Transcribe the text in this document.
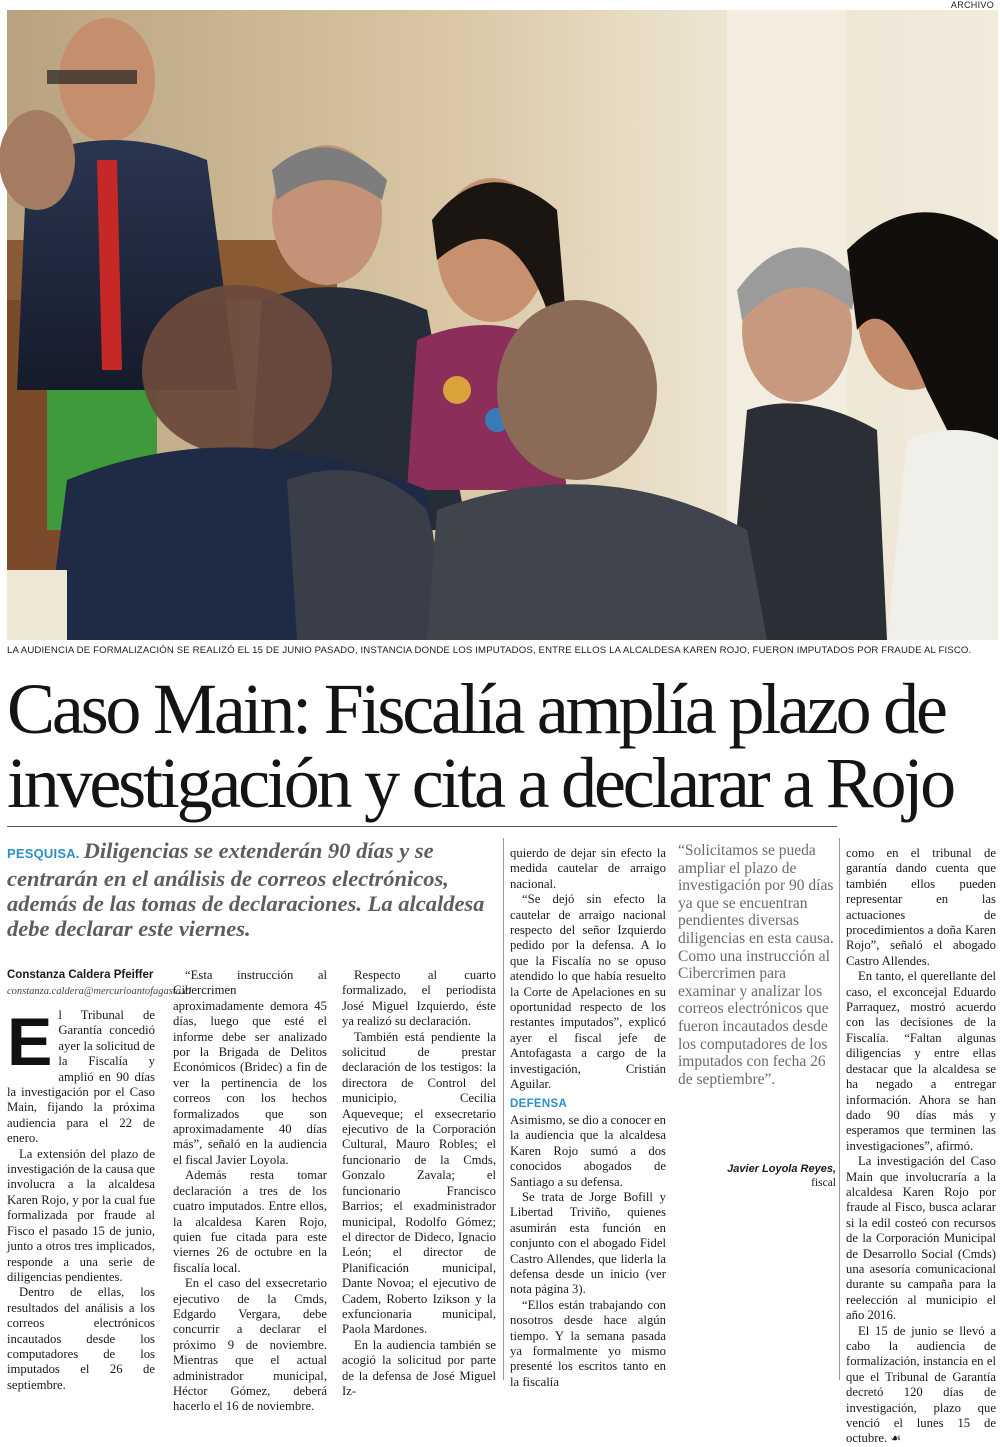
ARCHIVO
LA AUDIENCIA DE FORMALIZACIÓN SE REALIZÓ EL 15 DE JUNIO PASADO, INSTANCIA DONDE LOS IMPUTADOS, ENTRE ELLOS LA ALCALDESA KAREN ROJO, FUERON IMPUTADOS POR FRAUDE AL FISCO.
Caso Main: Fiscalía amplía plazo de
investigación y cita a declarar a Rojo
PESQUISA. Diligencias se extenderán 90 días y se centrarán en el análisis de correos electrónicos, además de las tomas de declaraciones. La alcaldesa debe declarar este viernes.
Constanza Caldera Pfeiffer
constanza.caldera@mercurioantofagasta.cl
E l Tribunal de Garantía concedió ayer la solicitud de la Fiscalía y amplió en 90 días la investigación por el Caso Main, fijando la próxima audiencia para el 22 de enero.

La extensión del plazo de investigación de la causa que involucra a la alcaldesa Karen Rojo, y por la cual fue formalizada por fraude al Fisco el pasado 15 de junio, junto a otros tres implicados, responde a una serie de diligencias pendientes.

Dentro de ellas, los resultados del análisis a los correos electrónicos incautados desde los computadores de los imputados el 26 de septiembre.

“Esta instrucción al Cibercrimen aproximadamente demora 45 días, luego que esté el informe debe ser analizado por la Brigada de Delitos Económicos (Bridec) a fin de ver la pertinencia de los correos con los hechos formalizados que son aproximadamente 40 días más”, señaló en la audiencia el fiscal Javier Loyola.

Además resta tomar declaración a tres de los cuatro imputados. Entre ellos, la alcaldesa Karen Rojo, quien fue citada para este viernes 26 de octubre en la fiscalía local.

En el caso del exsecretario ejecutivo de la Cmds, Edgardo Vergara, debe concurrir a declarar el próximo 9 de noviembre. Mientras que el actual administrador municipal, Héctor Gómez, deberá hacerlo el 16 de noviembre.

Respecto al cuarto formalizado, el periodista José Miguel Izquierdo, éste ya realizó su declaración.

También está pendiente la solicitud de prestar declaración de los testigos: la directora de Control del municipio, Cecilia Aqueveque; el exsecretario ejecutivo de la Corporación Cultural, Mauro Robles; el funcionario de la Cmds, Gonzalo Zavala; el funcionario Francisco Barrios; el exadministrador municipal, Rodolfo Gómez; el director de Dideco, Ignacio León; el director de Planificación municipal, Dante Novoa; el ejecutivo de Cadem, Roberto Izikson y la exfuncionaria municipal, Paola Mardones.

En la audiencia también se acogió la solicitud por parte de la defensa de José Miguel Iz-

quierdo de dejar sin efecto la medida cautelar de arraigo nacional.

“Se dejó sin efecto la cautelar de arraigo nacional respecto del señor Izquierdo pedido por la defensa. A lo que la Fiscalía no se opuso atendido lo que había resuelto la Corte de Apelaciones en su oportunidad respecto de los restantes imputados”, explicó ayer el fiscal jefe de Antofagasta a cargo de la investigación, Cristián Aguilar.

DEFENSA

Asimismo, se dio a conocer en la audiencia que la alcaldesa Karen Rojo sumó a dos conocidos abogados de Santiago a su defensa.

Se trata de Jorge Bofill y Libertad Triviño, quienes asumirán esta función en conjunto con el abogado Fidel Castro Allendes, que liderla la defensa desde un inicio (ver nota página 3).

“Ellos están trabajando con nosotros desde hace algún tiempo. Y la semana pasada ya formalmente yo mismo presenté los escritos tanto en la fiscalía

“Solicitamos se pueda ampliar el plazo de investigación por 90 días ya que se encuentran pendientes diversas diligencias en esta causa. Como una instrucción al Cibercrimen para examinar y analizar los correos electrónicos que fueron incautados desde los computadores de los imputados con fecha 26 de septiembre”.
Javier Loyola Reyes,
fiscal

como en el tribunal de garantía dando cuenta que también ellos pueden representar en las actuaciones de procedimientos a doña Karen Rojo”, señaló el abogado Castro Allendes.

En tanto, el querellante del caso, el exconcejal Eduardo Parraquez, mostró acuerdo con las decisiones de la Fiscalía. “Faltan algunas diligencias y entre ellas destacar que la alcaldesa se ha negado a entregar información. Ahora se han dado 90 días más y esperamos que terminen las investigaciones”, afirmó.

La investigación del Caso Main que involucraría a la alcaldesa Karen Rojo por fraude al Fisco, busca aclarar si la edil costeó con recursos de la Corporación Municipal de Desarrollo Social (Cmds) una asesoría comunicacional durante su campaña para la reelección al municipio el año 2016.

El 15 de junio se llevó a cabo la audiencia de formalización, instancia en el que el Tribunal de Garantía decretó 120 días de investigación, plazo que venció el lunes 15 de octubre. ☙
